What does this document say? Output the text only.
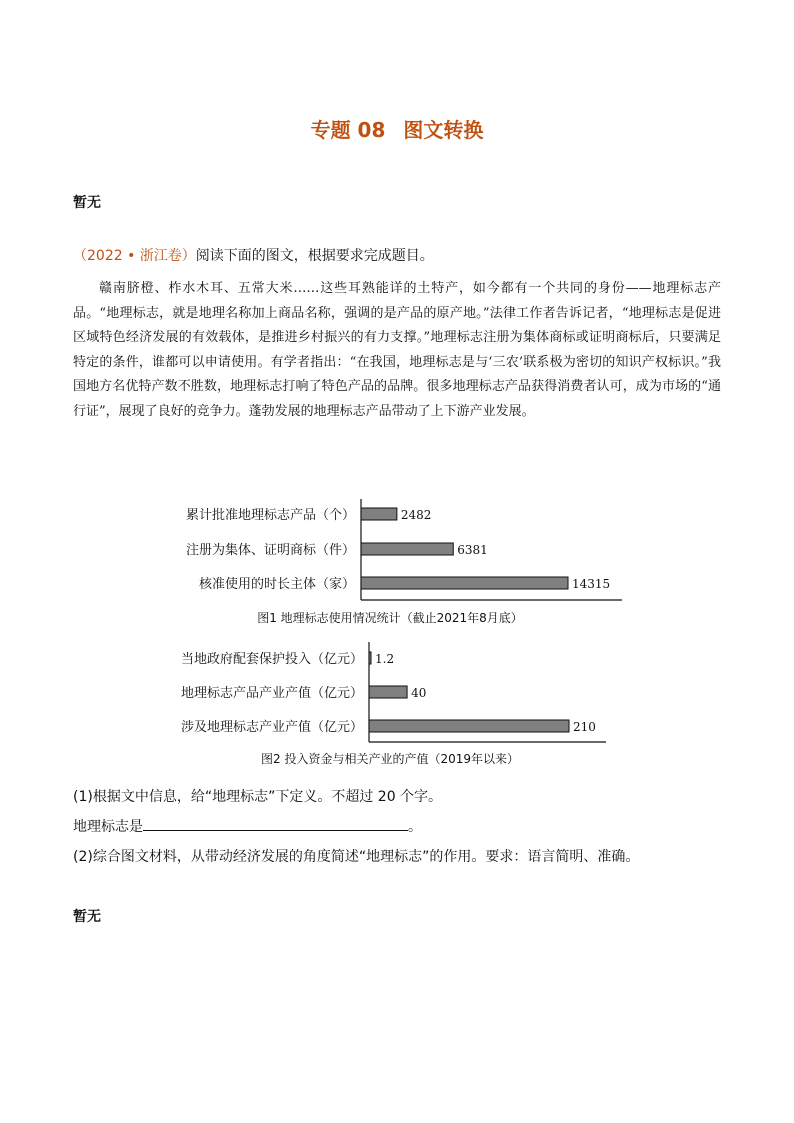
专题 08 图文转换
暂无
（2022 • 浙江卷）阅读下面的图文，根据要求完成题目。

赣南脐橙、柞水木耳、五常大米……这些耳熟能详的土特产，如今都有一个共同的身份——地理标志产品。“地理标志，就是地理名称加上商品名称，强调的是产品的原产地。”法律工作者告诉记者，“地理标志是促进区域特色经济发展的有效载体，是推进乡村振兴的有力支撑。”地理标志注册为集体商标或证明商标后，只要满足特定的条件，谁都可以申请使用。有学者指出：“在我国，地理标志是与‘三农’联系极为密切的知识产权标识。”我国地方名优特产数不胜数，地理标志打响了特色产品的品牌。很多地理标志产品获得消费者认可，成为市场的“通行证”，展现了良好的竞争力。蓬勃发展的地理标志产品带动了上下游产业发展。

累计批准地理标志产品（个）	2482
注册为集体、证明商标（件）	6381
核准使用的时长主体（家）	14315
图1 地理标志使用情况统计（截止2021年8月底）
当地政府配套保护投入（亿元） 1.2
地理标志产品产业产值（亿元）	40
涉及地理标志产业产值（亿元）	210
图2 投入资金与相关产业的产值（2019年以来）
(1)根据文中信息，给“地理标志”下定义。不超过 20 个字。
地理标志是	。
(2)综合图文材料，从带动经济发展的角度简述“地理标志”的作用。要求：语言简明、准确。
暂无
